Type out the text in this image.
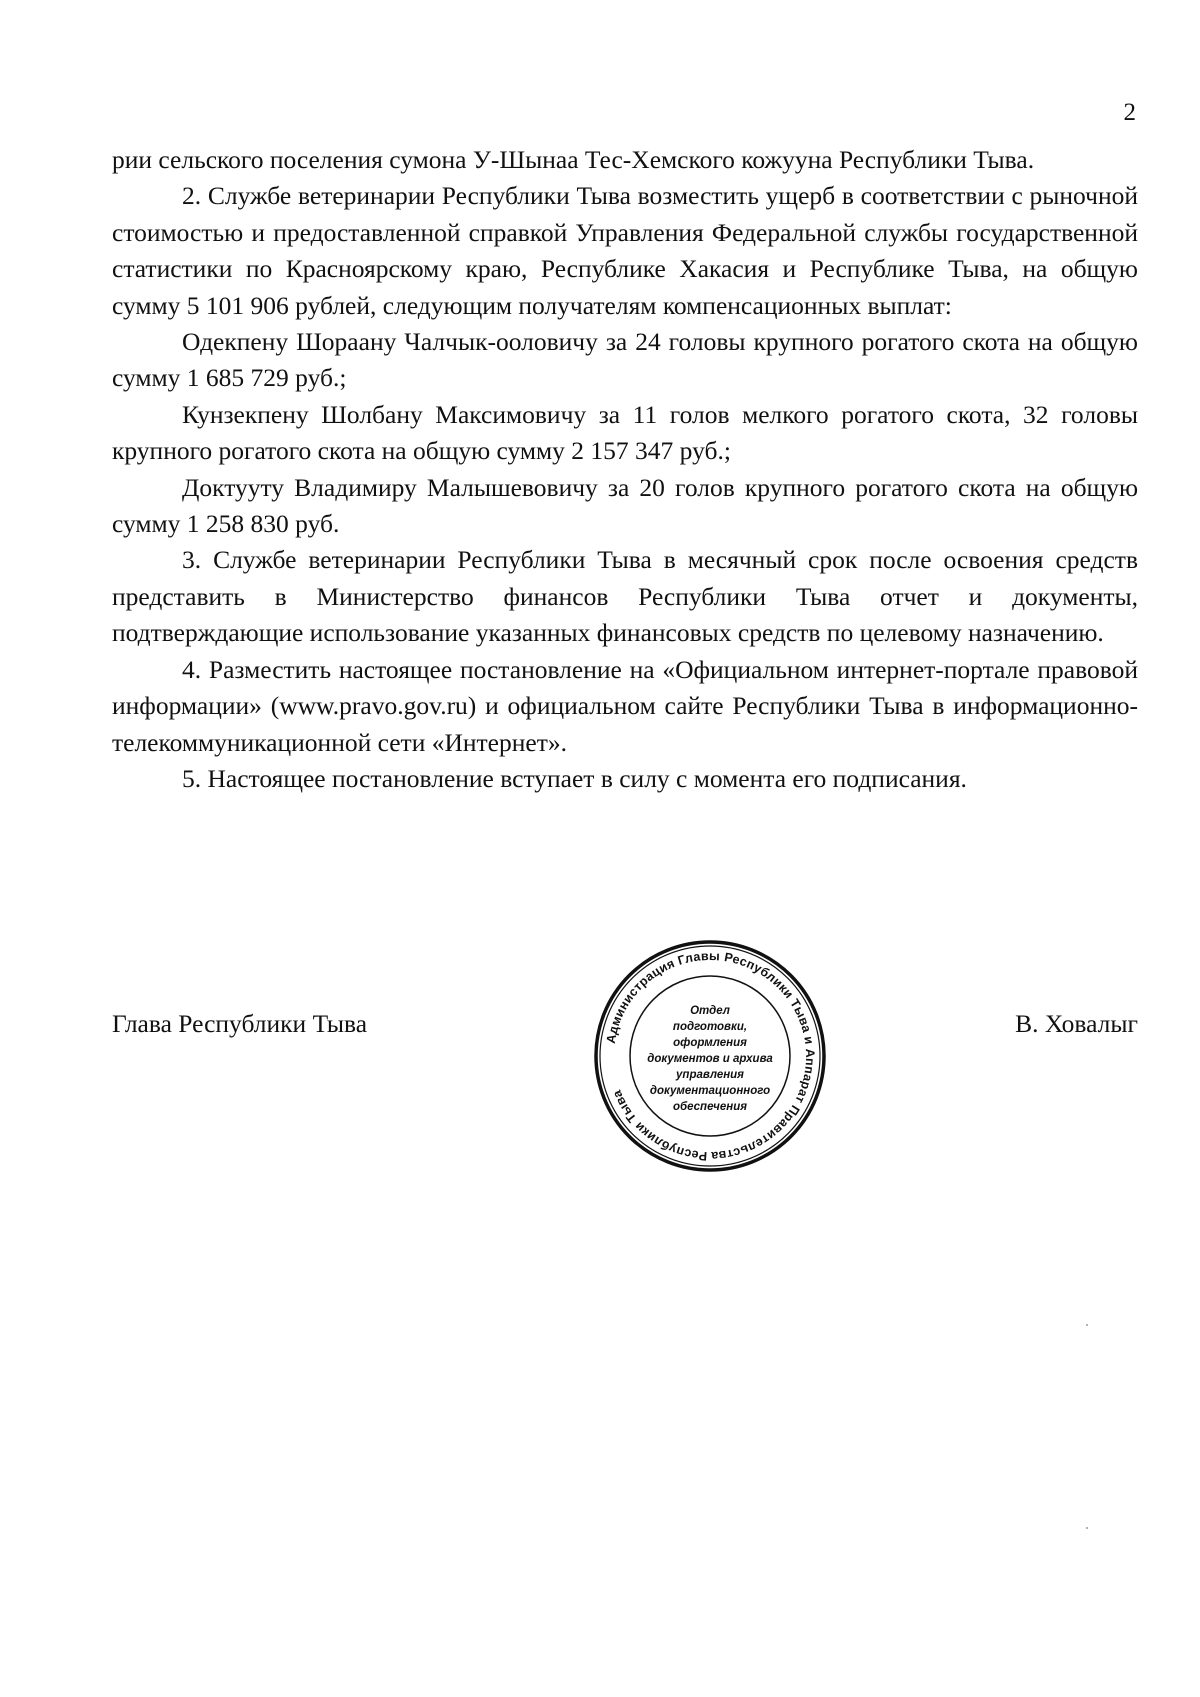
2

рии сельского поселения сумона У-Шынаа Тес-Хемского кожууна Республики Тыва.

2. Службе ветеринарии Республики Тыва возместить ущерб в соответствии с рыночной стоимостью и предоставленной справкой Управления Федеральной службы государственной статистики по Красноярскому краю, Республике Хакасия и Республике Тыва, на общую сумму 5 101 906 рублей, следующим получателям компенсационных выплат:

Одекпену Шораану Чалчык-ооловичу за 24 головы крупного рогатого скота на общую сумму 1 685 729 руб.;

Кунзекпену Шолбану Максимовичу за 11 голов мелкого рогатого скота, 32 головы крупного рогатого скота на общую сумму 2 157 347 руб.;

Доктууту Владимиру Малышевовичу за 20 голов крупного рогатого скота на общую сумму 1 258 830 руб.

3. Службе ветеринарии Республики Тыва в месячный срок после освоения средств представить в Министерство финансов Республики Тыва отчет и документы, подтверждающие использование указанных финансовых средств по целевому назначению.

4. Разместить настоящее постановление на «Официальном интернет-портале правовой информации» (www.pravo.gov.ru) и официальном сайте Республики Тыва в информационно-телекоммуникационной сети «Интернет».

5. Настоящее постановление вступает в силу с момента его подписания.

Глава Республики Тыва	В. Ховалыг
Администрация Главы Республики Тыва и Аппарат Правительства Республики Тыва
Отдел
подготовки,
оформления
документов и архива
управления
документационного
обеспечения
